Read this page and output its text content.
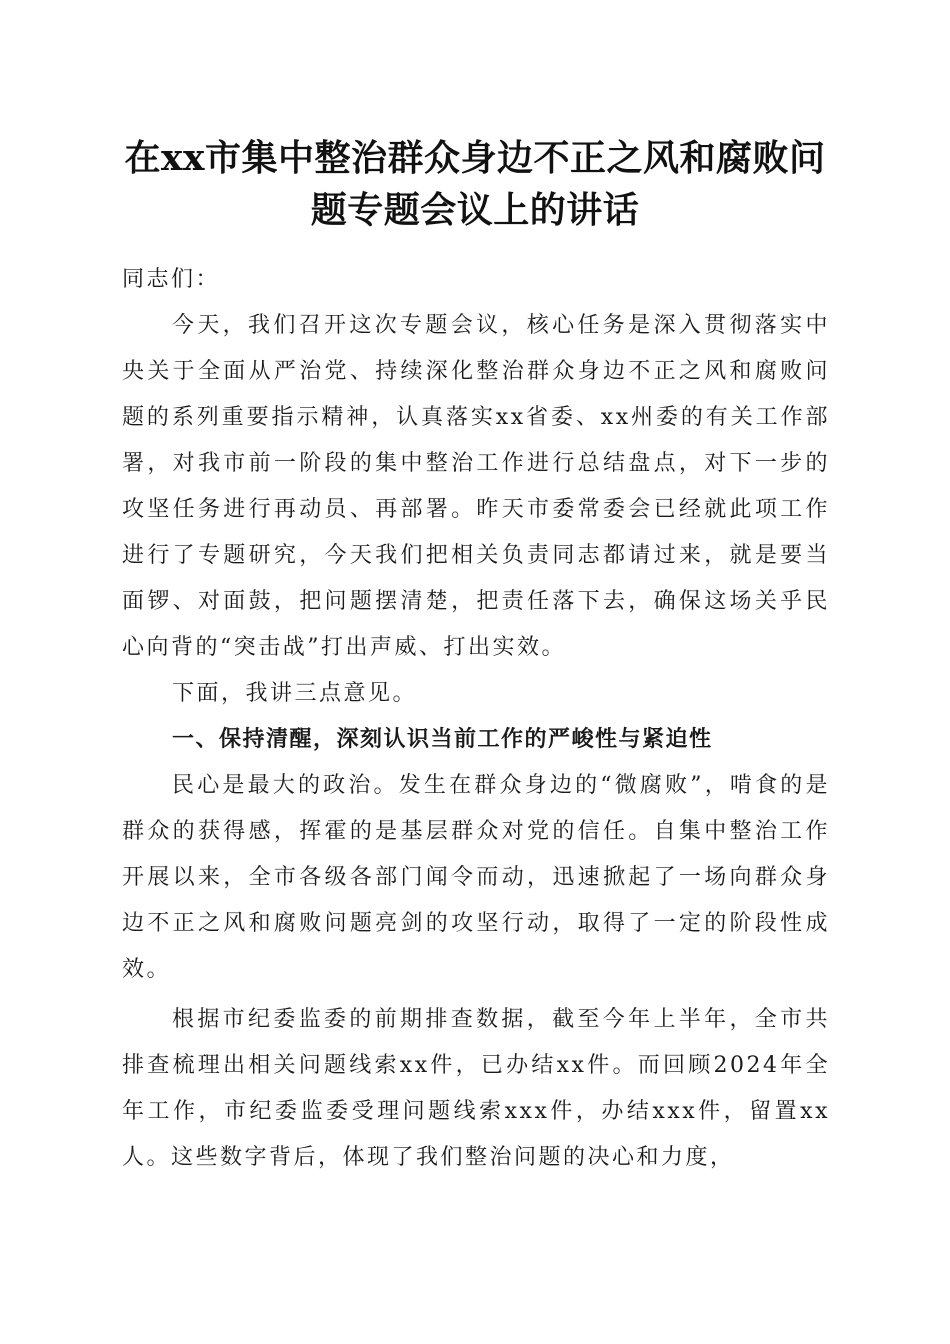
在xx市集中整治群众身边不正之风和腐败问题专题会议上的讲话

同志们：

今天，我们召开这次专题会议，核心任务是深入贯彻落实中央关于全面从严治党、持续深化整治群众身边不正之风和腐败问题的系列重要指示精神，认真落实xx省委、xx州委的有关工作部署，对我市前一阶段的集中整治工作进行总结盘点，对下一步的攻坚任务进行再动员、再部署。昨天市委常委会已经就此项工作进行了专题研究，今天我们把相关负责同志都请过来，就是要当面锣、对面鼓，把问题摆清楚，把责任落下去，确保这场关乎民心向背的“突击战”打出声威、打出实效。

下面，我讲三点意见。

一、保持清醒，深刻认识当前工作的严峻性与紧迫性

民心是最大的政治。发生在群众身边的“微腐败”，啃食的是群众的获得感，挥霍的是基层群众对党的信任。自集中整治工作开展以来，全市各级各部门闻令而动，迅速掀起了一场向群众身边不正之风和腐败问题亮剑的攻坚行动，取得了一定的阶段性成效。

根据市纪委监委的前期排查数据，截至今年上半年，全市共排查梳理出相关问题线索xx件，已办结xx件。而回顾2024年全年工作，市纪委监委受理问题线索xxx件，办结xxx件，留置xx人。这些数字背后，体现了我们整治问题的决心和力度，
